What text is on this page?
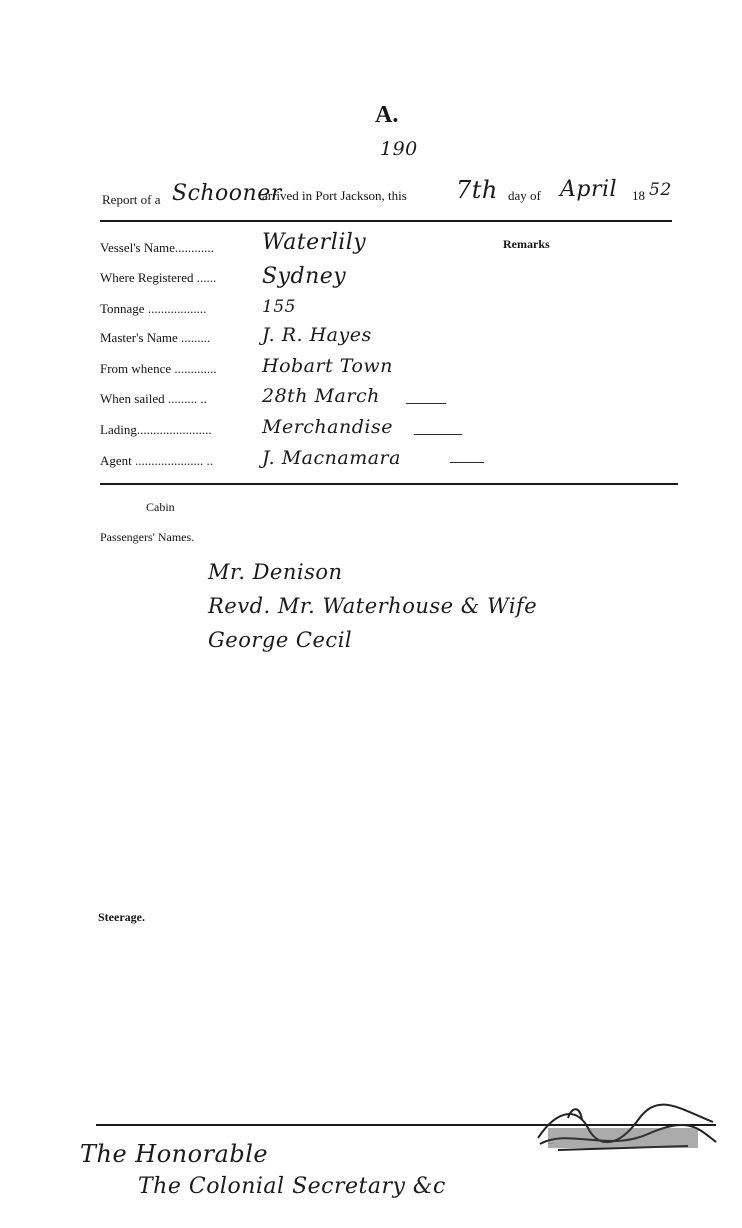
A.
190
Report of a Schooner
arrived in Port Jackson, this 7th day of April 18 52
Remarks
Vessel's Name............ Waterlily
Where Registered ...... Sydney
Tonnage ..................	155
Master's Name .........	J. R. Hayes
From whence ............. Hobart Town
When sailed ......... ..	28th March
Lading.......................	Merchandise
Agent ..................... ..	J. Macnamara
Cabin
Passengers' Names.
Mr. Denison
Revd. Mr. Waterhouse & Wife
George Cecil
Steerage.
signature
The Honorable
The Colonial Secretary &c
